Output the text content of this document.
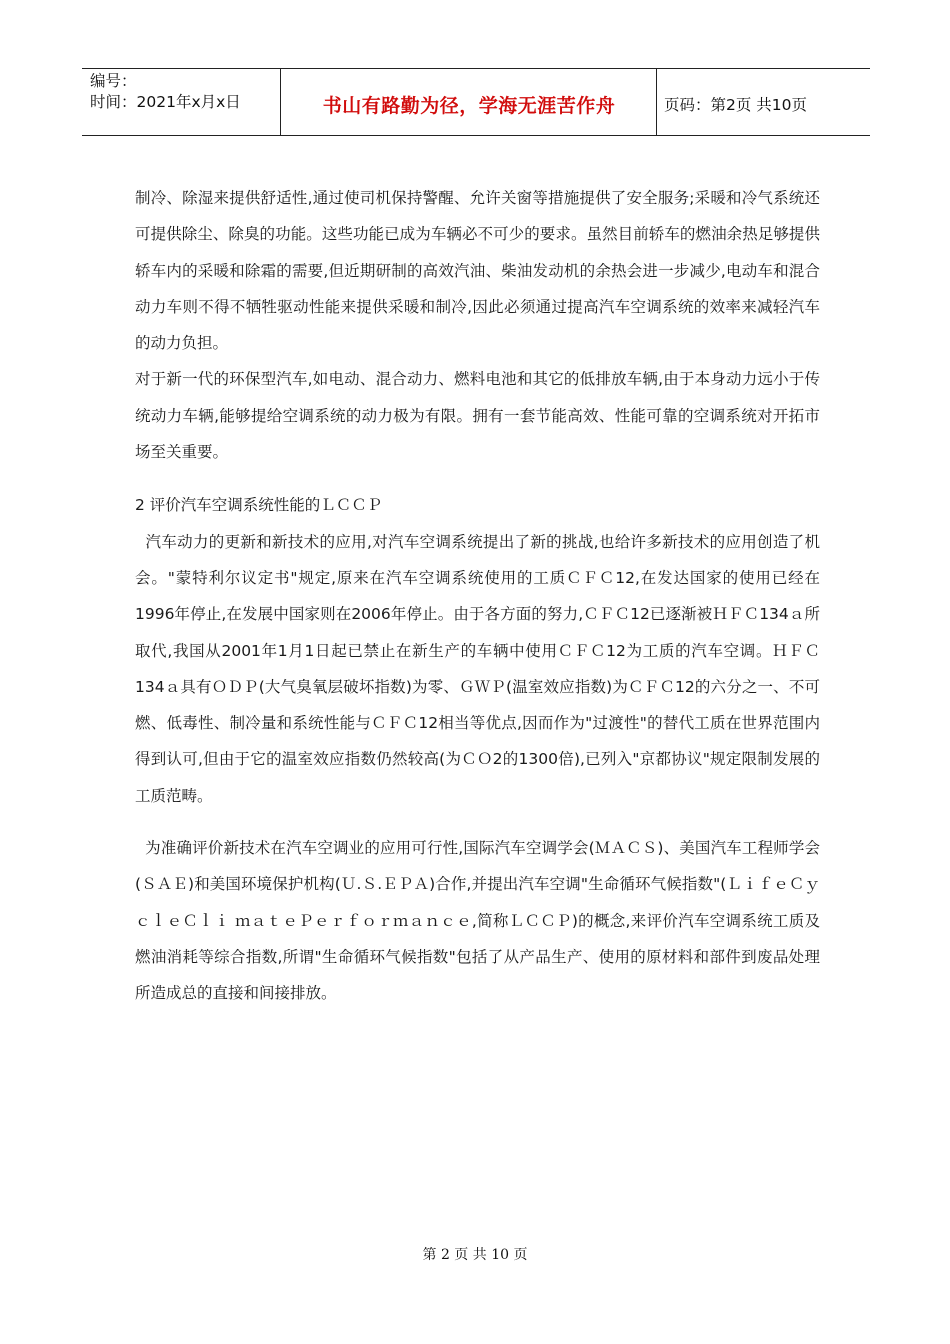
编号：
时间：2021年x月x日	书山有路勤为径，学海无涯苦作舟	页码：第2页 共10页

制冷、除湿来提供舒适性,通过使司机保持警醒、允许关窗等措施提供了安全服务;采暖和冷气系统还可提供除尘、除臭的功能。这些功能已成为车辆必不可少的要求。虽然目前轿车的燃油余热足够提供轿车内的采暖和除霜的需要,但近期研制的高效汽油、柴油发动机的余热会进一步减少,电动车和混合动力车则不得不牺牲驱动性能来提供采暖和制冷,因此必须通过提高汽车空调系统的效率来减轻汽车的动力负担。

对于新一代的环保型汽车,如电动、混合动力、燃料电池和其它的低排放车辆,由于本身动力远小于传统动力车辆,能够提给空调系统的动力极为有限。拥有一套节能高效、性能可靠的空调系统对开拓市场至关重要。

2 评价汽车空调系统性能的ＬＣＣＰ

汽车动力的更新和新技术的应用,对汽车空调系统提出了新的挑战,也给许多新技术的应用创造了机会。"蒙特利尔议定书"规定,原来在汽车空调系统使用的工质ＣＦＣ12,在发达国家的使用已经在1996年停止,在发展中国家则在2006年停止。由于各方面的努力,ＣＦＣ12已逐渐被ＨＦＣ134ａ所取代,我国从2001年1月1日起已禁止在新生产的车辆中使用ＣＦＣ12为工质的汽车空调。ＨＦＣ134ａ具有ＯＤＰ(大气臭氧层破坏指数)为零、ＧＷＰ(温室效应指数)为ＣＦＣ12的六分之一、不可燃、低毒性、制冷量和系统性能与ＣＦＣ12相当等优点,因而作为"过渡性"的替代工质在世界范围内得到认可,但由于它的温室效应指数仍然较高(为ＣＯ2的1300倍),已列入"京都协议"规定限制发展的工质范畴。

为准确评价新技术在汽车空调业的应用可行性,国际汽车空调学会(ＭＡＣＳ)、美国汽车工程师学会(ＳＡＥ)和美国环境保护机构(Ｕ.Ｓ.ＥＰＡ)合作,并提出汽车空调"生命循环气候指数"(ＬｉｆｅＣｙｃｌｅＣｌｉ ｍａｔｅＰｅｒｆｏｒｍａｎｃｅ,简称ＬＣＣＰ)的概念,来评价汽车空调系统工质及燃油消耗等综合指数,所谓"生命循环气候指数"包括了从产品生产、使用的原材料和部件到废品处理所造成总的直接和间接排放。

第 2 页 共 10 页
